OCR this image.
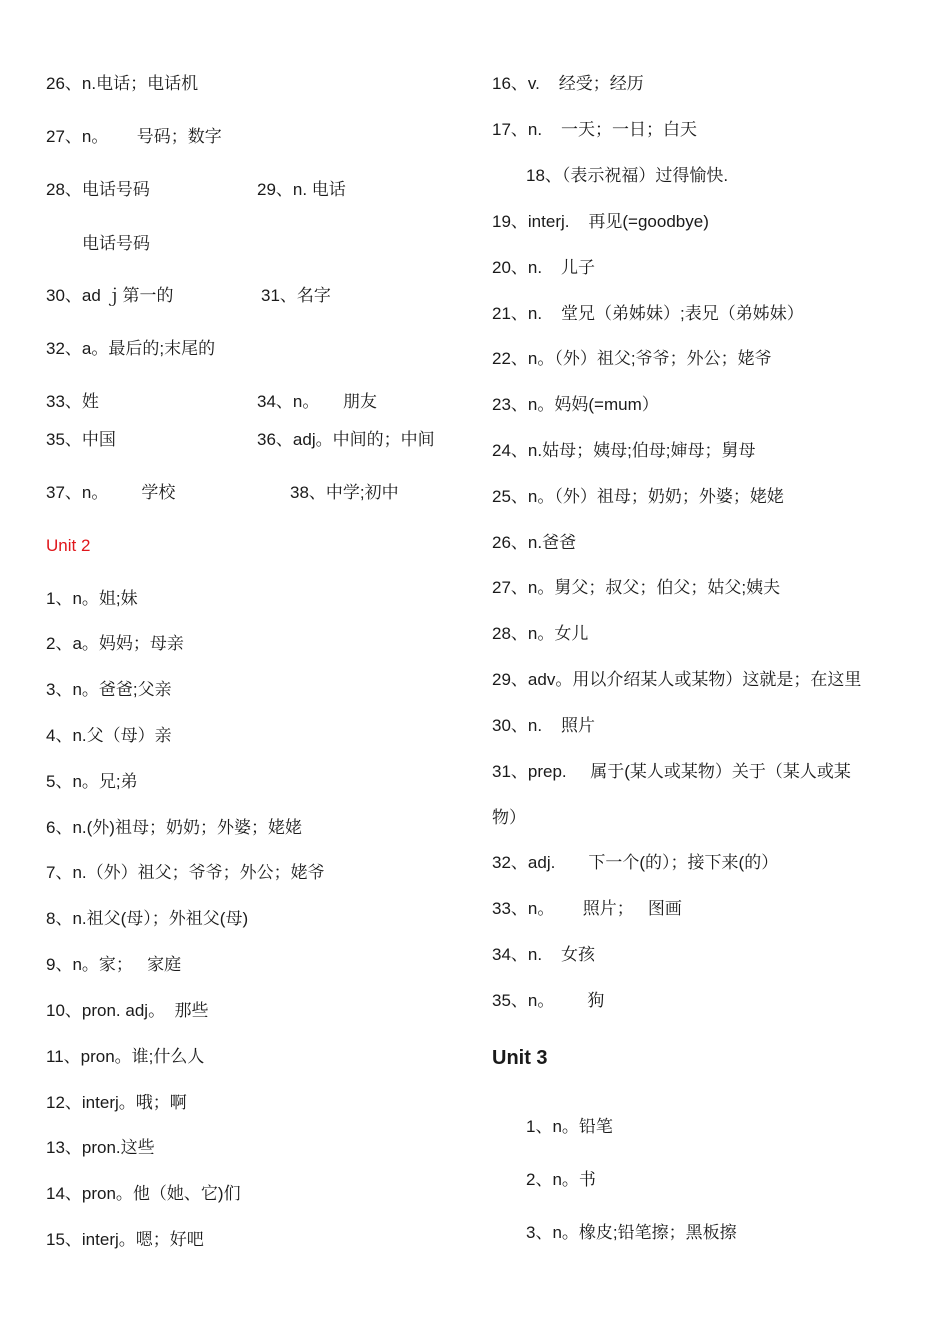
26、n.电话；电话机
27、n。      号码；数字
28、电话号码	29、n. 电话
电话号码
30、ad ｊ第一的	31、名字
32、a。最后的;末尾的
33、姓	34、n。     朋友
35、中国	36、adj。中间的；中间
37、n。       学校	38、中学;初中
Unit 2
1、n。姐;妹
2、a。妈妈；母亲
3、n。爸爸;父亲
4、n.父（母）亲
5、n。兄;弟
6、n.(外)祖母；奶奶；外婆；姥姥
7、n.（外）祖父；爷爷；外公；姥爷
8、n.祖父(母）；外祖父(母)
9、n。家；   家庭
10、pron. adj。  那些
11、pron。谁;什么人
12、interj。哦；啊
13、pron.这些
14、pron。他（她、它)们
15、interj。嗯；好吧
16、v.    经受；经历
17、n.    一天；一日；白天
18、（表示祝福）过得愉快.
19、interj.    再见(=goodbye)
20、n.    儿子
21、n.    堂兄（弟姊妹）;表兄（弟姊妹）
22、n。（外）祖父;爷爷；外公；姥爷
23、n。妈妈(=mum）
24、n.姑母；姨母;伯母;婶母；舅母
25、n。（外）祖母；奶奶；外婆；姥姥
26、n.爸爸
27、n。舅父；叔父；伯父；姑父;姨夫
28、n。女儿
29、adv。用以介绍某人或某物）这就是；在这里
30、n.    照片
31、prep.     属于(某人或某物）关于（某人或某
物）
32、adj.       下一个(的）；接下来(的）
33、n。      照片；   图画
34、n.    女孩
35、n。       狗
Unit 3
1、n。铅笔
2、n。书
3、n。橡皮;铅笔擦；黑板擦
